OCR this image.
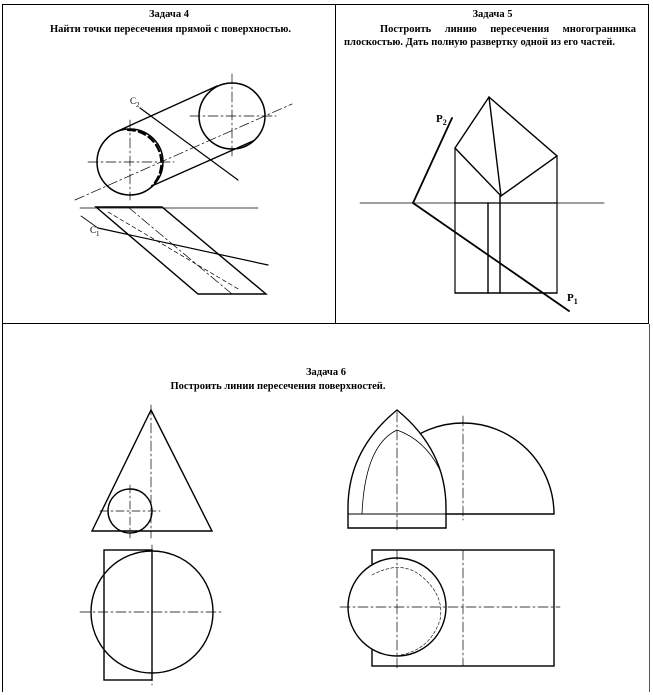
Задача 4
Найти точки пересечения прямой с поверхностью.
Задача 5
Построить линию пересечения многогранника плоскостью. Дать полную развертку одной из его частей.
Задача 6
Построить линии пересечения поверхностей.
$C_2$
$C_1$
$P_2$
$P_1$
